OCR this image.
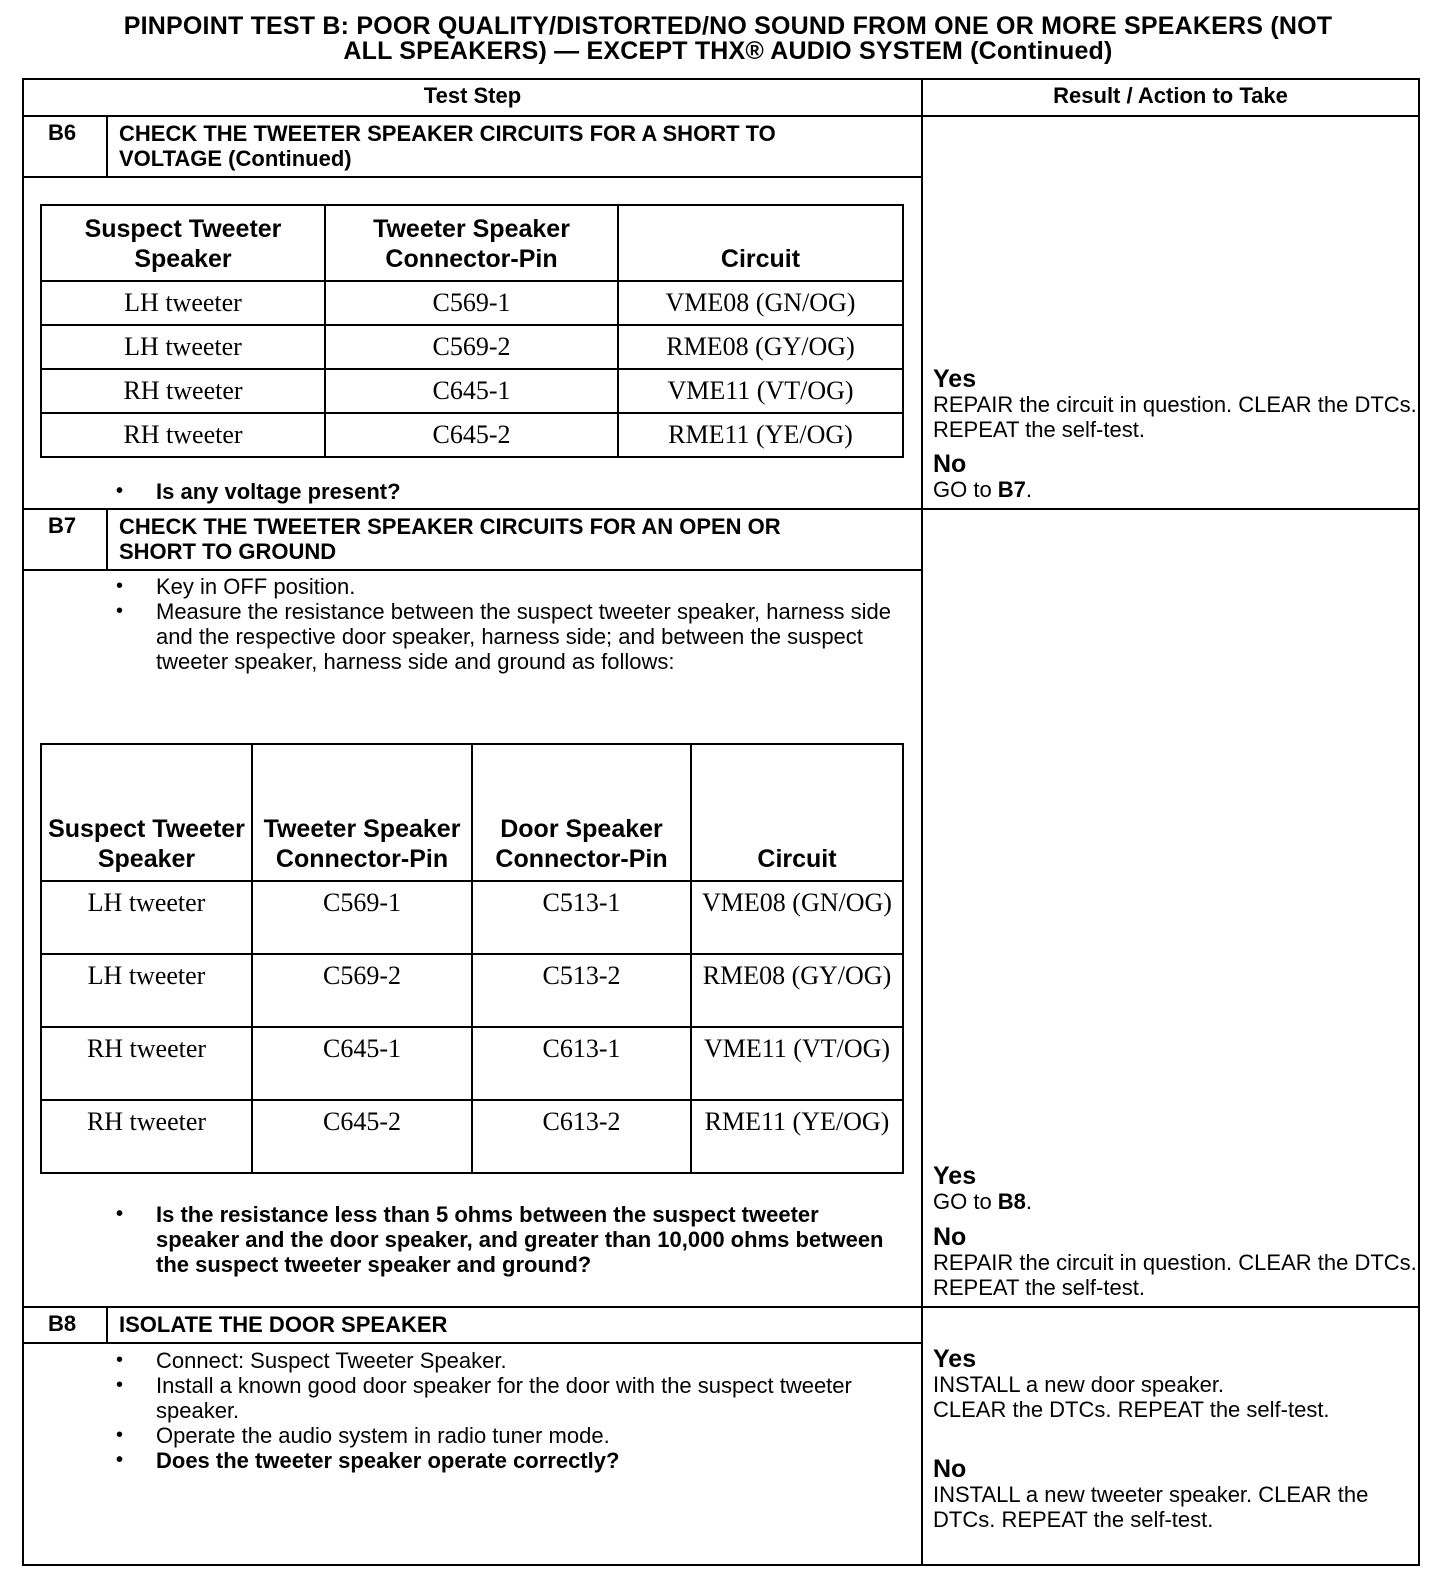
PINPOINT TEST B: POOR QUALITY/DISTORTED/NO SOUND FROM ONE OR MORE SPEAKERS (NOT
ALL SPEAKERS) — EXCEPT THX® AUDIO SYSTEM (Continued)
Test Step	Result / Action to Take
B6 CHECK THE TWEETER SPEAKER CIRCUITS FOR A SHORT TO
VOLTAGE (Continued)
Suspect Tweeter Speaker	Tweeter Speaker Connector-Pin	Circuit
LH tweeter	C569-1	VME08 (GN/OG)
LH tweeter	C569-2	RME08 (GY/OG)
RH tweeter	C645-1	VME11 (VT/OG)
RH tweeter	C645-2	RME11 (YE/OG)
• Is any voltage present?
Yes
REPAIR the circuit in question. CLEAR the DTCs. REPEAT the self-test.
No
GO to B7.
B7 CHECK THE TWEETER SPEAKER CIRCUITS FOR AN OPEN OR
SHORT TO GROUND
• Key in OFF position.
• Measure the resistance between the suspect tweeter speaker, harness side and the respective door speaker, harness side; and between the suspect tweeter speaker, harness side and ground as follows:
Suspect Tweeter Speaker	Tweeter Speaker Connector-Pin	Door Speaker Connector-Pin	Circuit
LH tweeter	C569-1	C513-1	VME08 (GN/OG)
LH tweeter	C569-2	C513-2	RME08 (GY/OG)
RH tweeter	C645-1	C613-1	VME11 (VT/OG)
RH tweeter	C645-2	C613-2	RME11 (YE/OG)
• Is the resistance less than 5 ohms between the suspect tweeter speaker and the door speaker, and greater than 10,000 ohms between the suspect tweeter speaker and ground?
Yes
GO to B8.
No
REPAIR the circuit in question. CLEAR the DTCs. REPEAT the self-test.
B8 ISOLATE THE DOOR SPEAKER
• Connect: Suspect Tweeter Speaker.
• Install a known good door speaker for the door with the suspect tweeter speaker.
• Operate the audio system in radio tuner mode.
• Does the tweeter speaker operate correctly?
Yes
INSTALL a new door speaker.
CLEAR the DTCs. REPEAT the self-test.
No
INSTALL a new tweeter speaker. CLEAR the DTCs. REPEAT the self-test.
